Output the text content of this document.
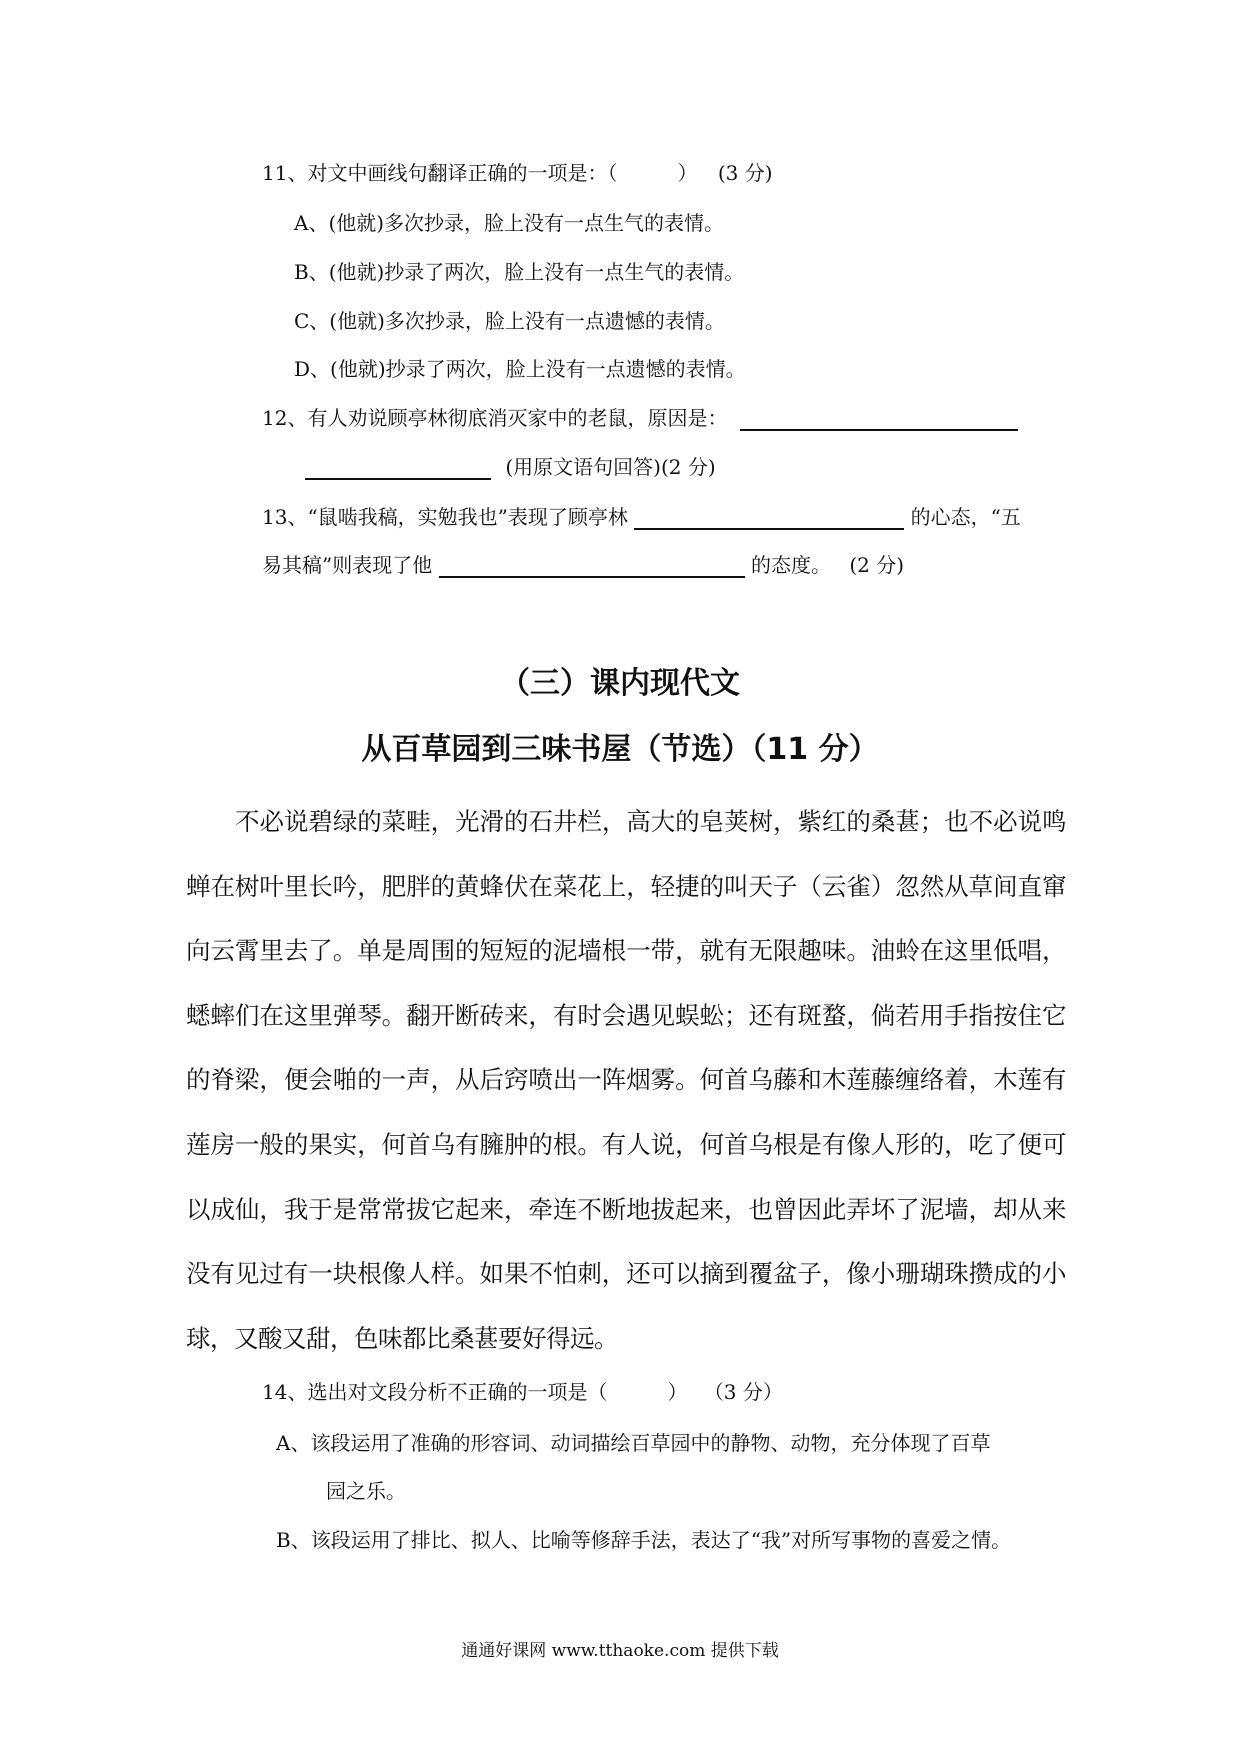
11、对文中画线句翻译正确的一项是：（　　　） (3 分)
A、(他就)多次抄录，脸上没有一点生气的表情。
B、(他就)抄录了两次，脸上没有一点生气的表情。
C、(他就)多次抄录，脸上没有一点遗憾的表情。
D、(他就)抄录了两次，脸上没有一点遗憾的表情。
12、有人劝说顾亭林彻底消灭家中的老鼠，原因是：
(用原文语句回答)(2 分)
13、“鼠啮我稿，实勉我也”表现了顾亭林	的心态，“五
易其稿”则表现了他	的态度。 (2 分)
（三）课内现代文
从百草园到三味书屋（节选）（11 分）
不必说碧绿的菜畦，光滑的石井栏，高大的皂荚树，紫红的桑葚；也不必说鸣蝉在树叶里长吟，肥胖的黄蜂伏在菜花上，轻捷的叫天子（云雀）忽然从草间直窜向云霄里去了。单是周围的短短的泥墙根一带，就有无限趣味。油蛉在这里低唱，蟋蟀们在这里弹琴。翻开断砖来，有时会遇见蜈蚣；还有斑蝥，倘若用手指按住它的脊梁，便会啪的一声，从后窍喷出一阵烟雾。何首乌藤和木莲藤缠络着，木莲有莲房一般的果实，何首乌有臃肿的根。有人说，何首乌根是有像人形的，吃了便可以成仙，我于是常常拔它起来，牵连不断地拔起来，也曾因此弄坏了泥墙，却从来没有见过有一块根像人样。如果不怕刺，还可以摘到覆盆子，像小珊瑚珠攒成的小球，又酸又甜，色味都比桑葚要好得远。
14、选出对文段分析不正确的一项是（　　　） （3 分）
A、该段运用了准确的形容词、动词描绘百草园中的静物、动物，充分体现了百草
园之乐。
B、该段运用了排比、拟人、比喻等修辞手法，表达了“我”对所写事物的喜爱之情。
通通好课网 www.tthaoke.com 提供下载
